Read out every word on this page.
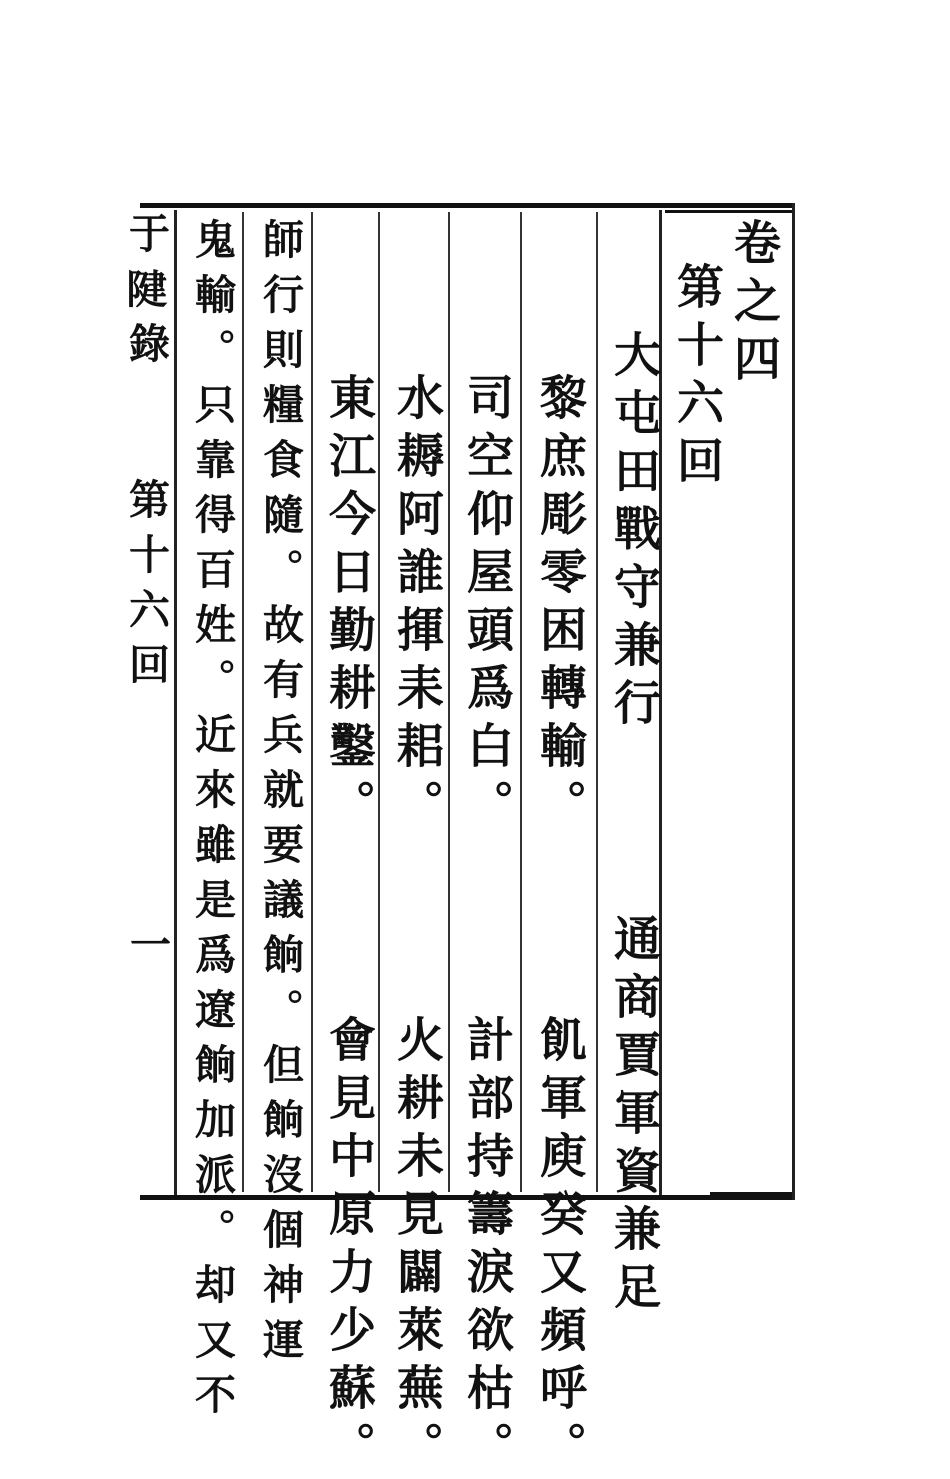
卷之四
第十六回
大屯田戰守兼行  通商賈軍資兼足
黎庶彫零困轉輸。  飢軍庾癸又頻呼。
司空仰屋頭爲白。  計部持籌淚欲枯。
水耨阿誰揮耒耜。  火耕未見闢萊蕪。
東江今日勤耕鑿。  會見中原力少蘇。
師行則糧食隨。故有兵就要議餉。但餉沒個神運
鬼輸。只靠得百姓。近來雖是爲遼餉加派。却又不
于𨺩錄
第十六回
一
